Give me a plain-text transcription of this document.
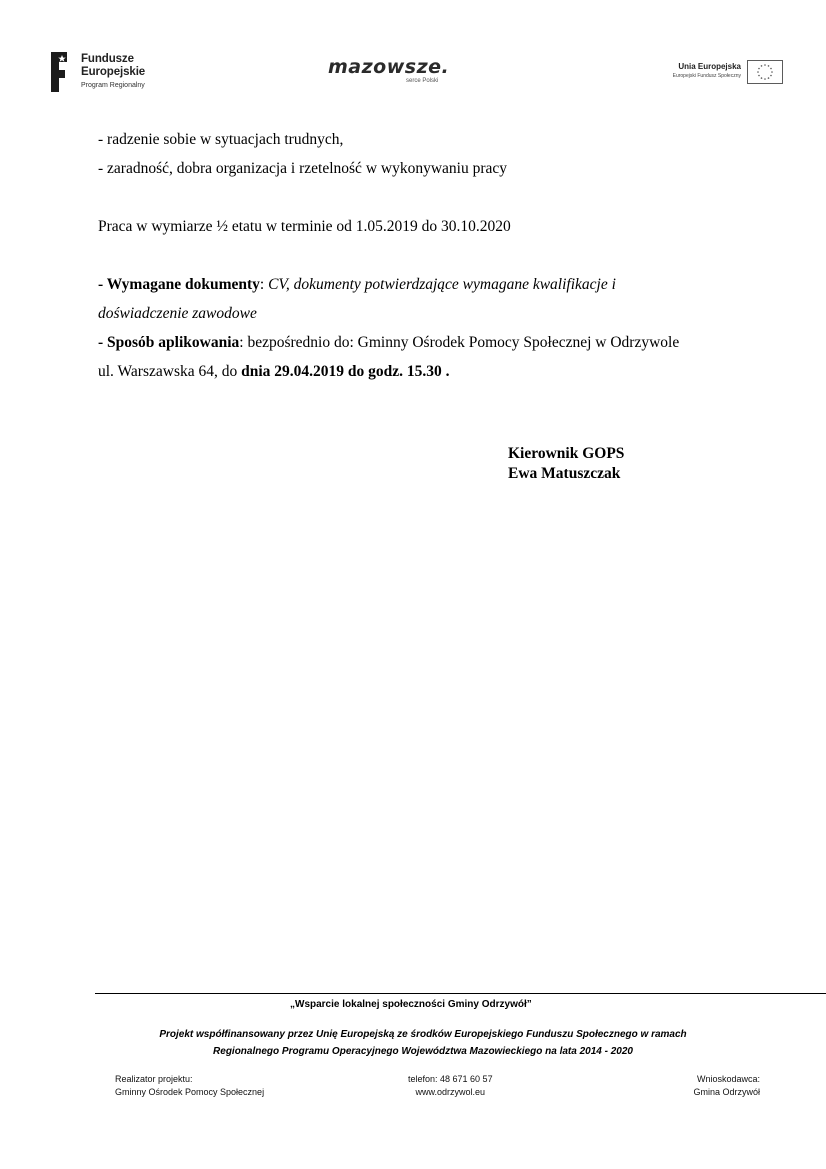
Fundusze
Europejskie
Program Regionalny
mazowsze.
serce Polski
Unia Europejska
Europejski Fundusz Społeczny

- radzenie sobie w sytuacjach trudnych,

- zaradność, dobra organizacja i rzetelność w wykonywaniu pracy

Praca w wymiarze ½ etatu w terminie od 1.05.2019 do 30.10.2020

- Wymagane dokumenty: CV, dokumenty potwierdzające wymagane kwalifikacje i

doświadczenie zawodowe

- Sposób aplikowania: bezpośrednio do: Gminny Ośrodek Pomocy Społecznej w Odrzywole

ul. Warszawska 64, do dnia 29.04.2019 do godz. 15.30 .

Kierownik GOPS
Ewa Matuszczak
„Wsparcie lokalnej społeczności Gminy Odrzywół”
Projekt współfinansowany przez Unię Europejską ze środków Europejskiego Funduszu Społecznego w ramach
Regionalnego Programu Operacyjnego Województwa Mazowieckiego na lata 2014 - 2020
Realizator projektu:
Gminny Ośrodek Pomocy Społecznej
telefon: 48 671 60 57
www.odrzywol.eu
Wnioskodawca:
Gmina Odrzywół
